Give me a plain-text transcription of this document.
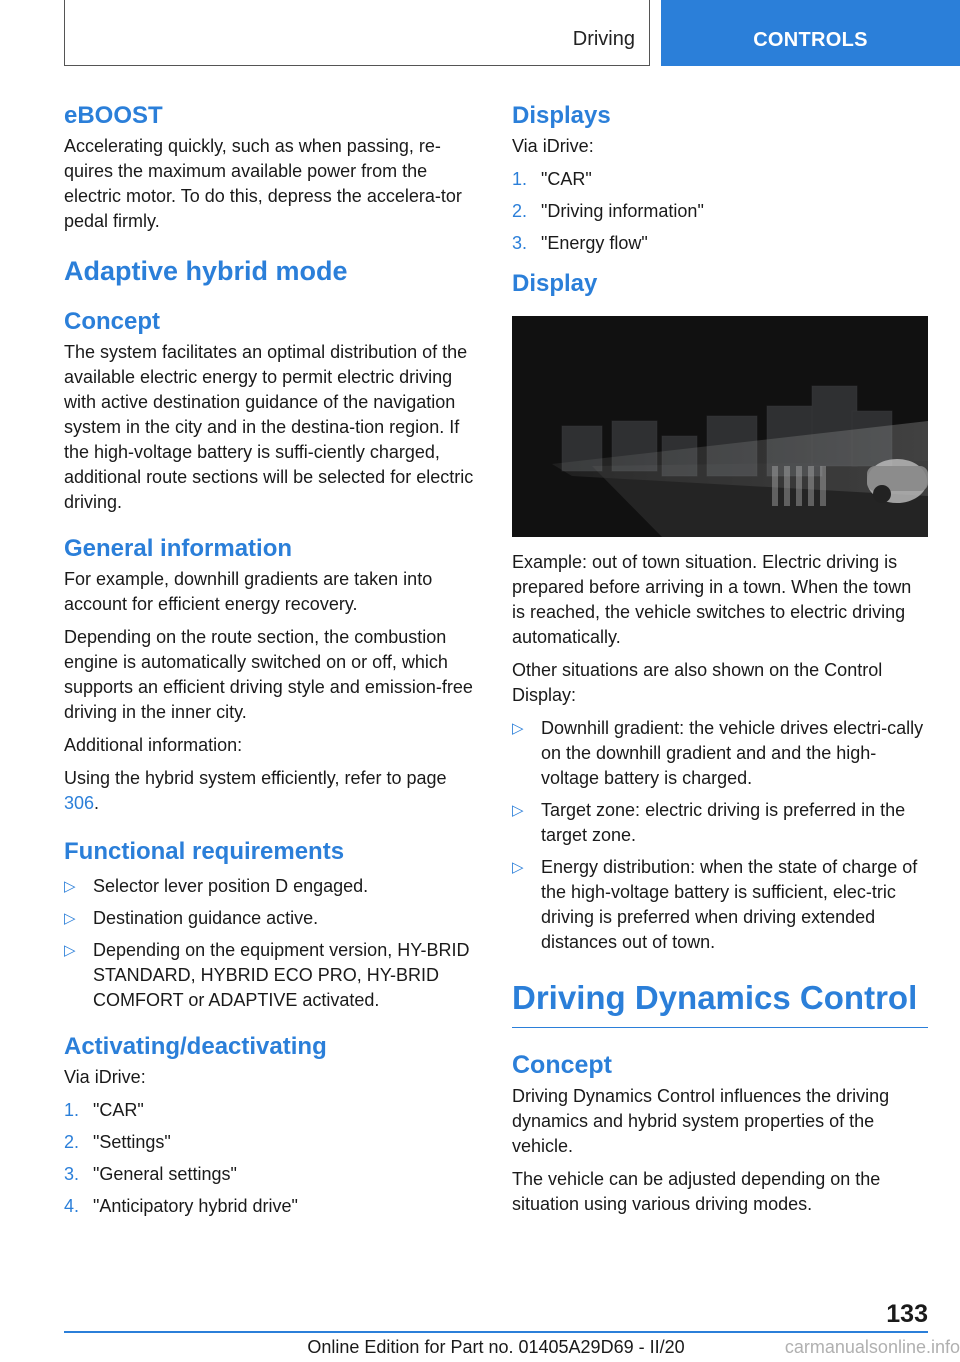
Driving	CONTROLS
eBOOST

Accelerating quickly, such as when passing, re-quires the maximum available power from the electric motor. To do this, depress the accelera-tor pedal firmly.

Adaptive hybrid mode
Concept

The system facilitates an optimal distribution of the available electric energy to permit electric driving with active destination guidance of the navigation system in the city and in the destina-tion region. If the high-voltage battery is suffi-ciently charged, additional route sections will be selected for electric driving.

General information

For example, downhill gradients are taken into account for efficient energy recovery.

Depending on the route section, the combustion engine is automatically switched on or off, which supports an efficient driving style and emission-free driving in the inner city.

Additional information:

Using the hybrid system efficiently, refer to page 306.

Functional requirements
▷ Selector lever position D engaged.
▷ Destination guidance active.
▷ Depending on the equipment version, HY-BRID STANDARD, HYBRID ECO PRO, HY-BRID COMFORT or ADAPTIVE activated.
Activating/deactivating

Via iDrive:

1. "CAR"
2. "Settings"
3. "General settings"
4. "Anticipatory hybrid drive"
Displays

Via iDrive:

1. "CAR"
2. "Driving information"
3. "Energy flow"
Display

Example: out of town situation. Electric driving is prepared before arriving in a town. When the town is reached, the vehicle switches to electric driving automatically.

Other situations are also shown on the Control Display:

▷ Downhill gradient: the vehicle drives electri-cally on the downhill gradient and and the high-voltage battery is charged.
▷ Target zone: electric driving is preferred in the target zone.
▷ Energy distribution: when the state of charge of the high-voltage battery is sufficient, elec-tric driving is preferred when driving extended distances out of town.
Driving Dynamics Control
Concept

Driving Dynamics Control influences the driving dynamics and hybrid system properties of the vehicle.

The vehicle can be adjusted depending on the situation using various driving modes.

133
Online Edition for Part no. 01405A29D69 - II/20	carmanualsonline.info
